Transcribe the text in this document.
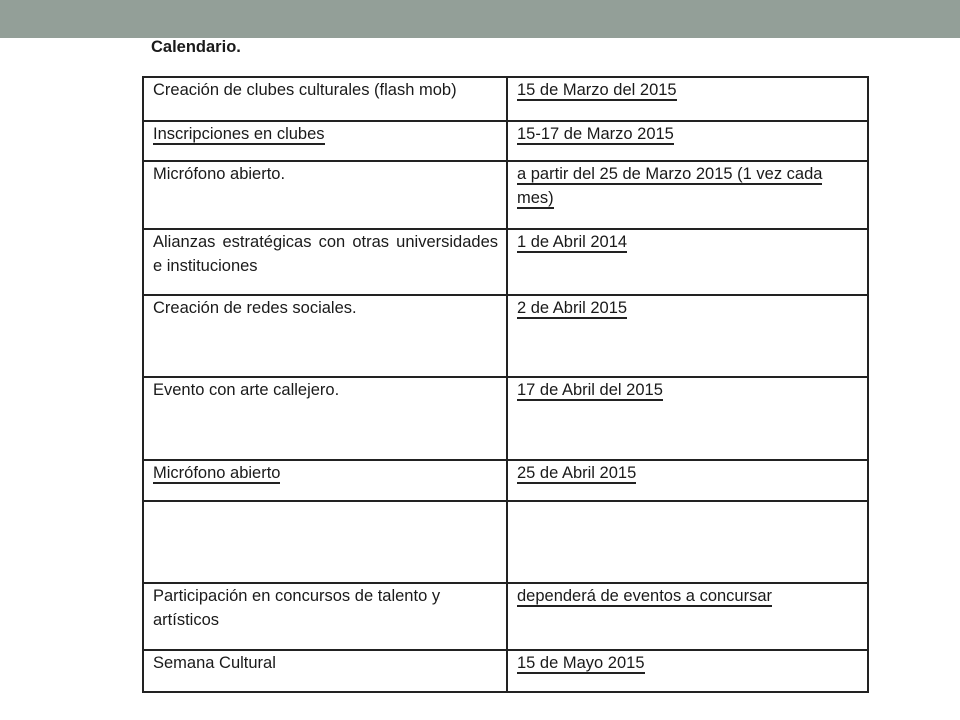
Calendario.
Creación de clubes culturales (flash mob)	15 de Marzo del 2015
Inscripciones en clubes	15-17 de Marzo 2015
Micrófono abierto.	a partir del 25 de Marzo 2015 (1 vez cada mes)

Alianzas estratégicas con otras universidades e instituciones	1 de Abril 2014
Creación de redes sociales.	2 de Abril 2015
Evento con arte callejero.	17 de Abril del 2015
Micrófono abierto	25 de Abril 2015

Participación en concursos de talento y artísticos	dependerá de eventos a concursar
Semana Cultural	15 de Mayo 2015
